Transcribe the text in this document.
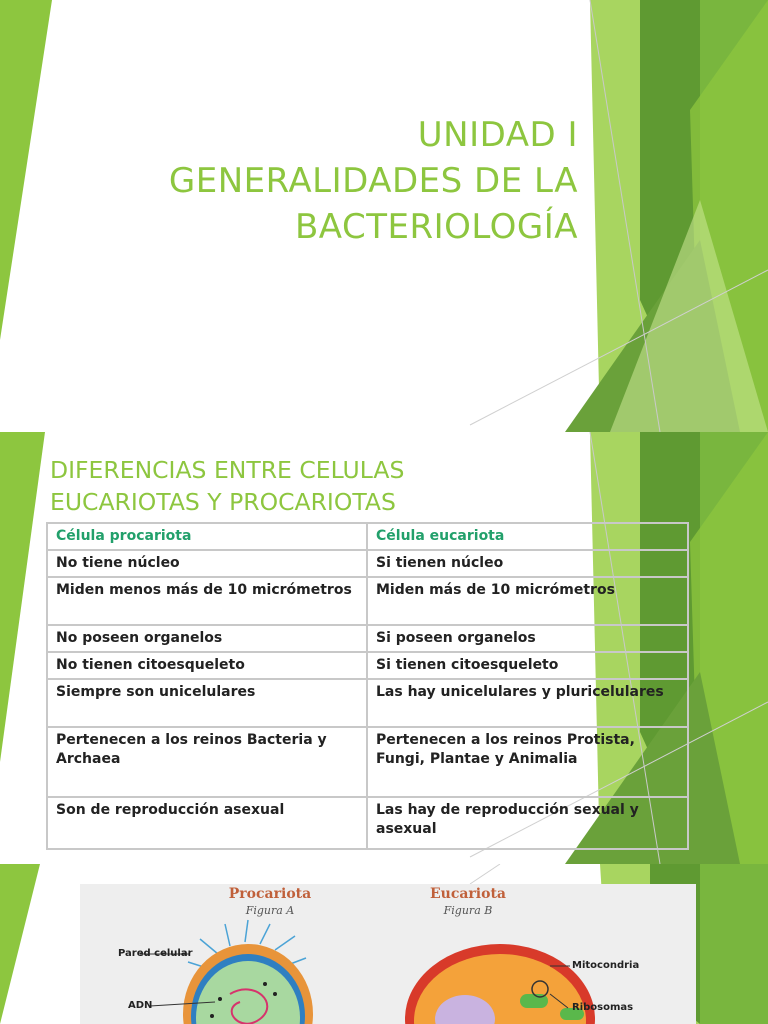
UNIDAD I
GENERALIDADES DE LA
BACTERIOLOGÍA
DIFERENCIAS ENTRE CELULAS
EUCARIOTAS Y PROCARIOTAS
Célula procariota	Célula eucariota
No tiene núcleo	Si tienen núcleo
Miden menos más de 10 micrómetros	Miden más de 10 micrómetros
No poseen organelos	Si poseen organelos
No tienen citoesqueleto	Si tienen citoesqueleto
Siempre son unicelulares	Las hay unicelulares y pluricelulares
Pertenecen a los reinos Bacteria y Archaea	Pertenecen a los reinos Protista, Fungi, Plantae y Animalia
Son de reproducción asexual	Las hay de reproducción sexual y asexual
Procariota
Figura A
Eucariota
Figura B
Pared celular
ADN
Mitocondria
Ribosomas
